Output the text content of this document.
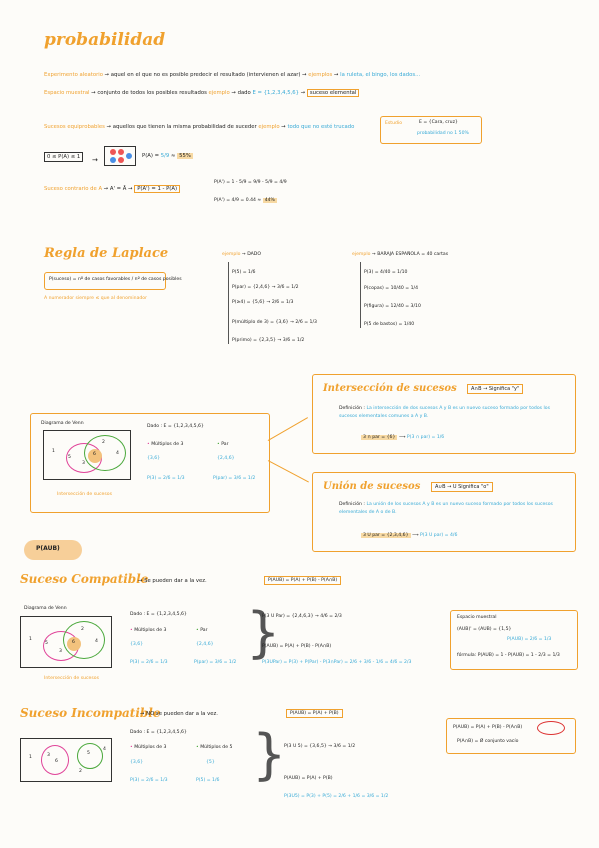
probabilidad
Experimento aleatorio → aquel en el que no es posible predecir el resultado (intervienen el azar) → ejemplos → la ruleta, el bingo, los dados...
Espacio muestral → conjunto de todos los posibles resultados ejemplo → dado E = {1,2,3,4,5,6} → suceso elemental
Sucesos equiprobables → aquellos que tienen la misma probabilidad de suceder ejemplo → todo que no esté trucado
Estudio	E = {Cara, cruz}
probabilidad no 1 50%
0 ≤ P(A) ≤ 1	→	P(A) = 5/9 ≈ 55%
Suceso contrario de A → A' = Ā → P(A') = 1 - P(A)
P(A') = 1 - 5/9 = 9/9 - 5/9 = 4/9
P(A') = 4/9 = 0.44 ≈ 44%
Regla de Laplace
P(suceso) = nº de casos favorables / nº de casos posibles
A numerador siempre ≤ que al denominador
ejemplo → DADO
P(5) = 1/6
P(par) = {2,4,6} → 3/6 = 1/2
P(≥4) = {5,6} → 2/6 = 1/3
P(múltiplo de 3) = {3,6} → 2/6 = 1/3
P(primo) = {2,3,5} → 3/6 = 1/2
ejemplo → BARAJA ESPAÑOLA = 40 cartas
P(3) = 4/40 = 1/10
P(copas) = 10/40 = 1/4
P(figura) = 12/40 = 3/10
P(5 de bastos) = 1/40
Diagrama de Venn
1
5
2
4
3
6
Intersección de sucesos
Dado : E = {1,2,3,4,5,6}
• Múltiplos de 3	• Par
{3,6}	{2,4,6}
P(3) = 2/6 = 1/3	P(par) = 3/6 = 1/2
Intersección de sucesos	A∩B → Significa "y"
Definición : La intersección de dos sucesos A y B es un nuevo suceso formado por todos los sucesos elementales comunes a A y B.
3 ∩ par = {6} ⟶ P(3 ∩ par) = 1/6
Unión de sucesos	A∪B → U Significa "o"
Definición : La unión de los sucesos A y B es un nuevo suceso formado por todos los sucesos elementales de A o de B.
3 U par = {2,3,4,6} ⟶ P(3 U par) = 4/6
P(AUB)
Suceso Compatible
→ Se pueden dar a la vez.	P(AUB) = P(A) + P(B) - P(A∩B)
Diagrama de Venn
1
5
2
4
3
6
Intersección de sucesos
Dado : E = {1,2,3,4,5,6}
• Múltiplos de 3	• Par
{3,6}	{2,4,6}
P(3) = 2/6 = 1/3	P(par) = 3/6 = 1/2 }
P(3 U Par) = {2,4,6,3} → 4/6 = 2/3
P(AUB) = P(A) + P(B) - P(A∩B)
P(3UPar) = P(3) + P(Par) - P(3∩Par) = 2/6 + 3/6 - 1/6 = 4/6 = 2/3
Espacio muestral
(AUB)' = (AUB) = {1,5}
P(AUB) = 2/6 = 1/3
fórmula: P(AUB) = 1 - P(AUB) = 1 - 2/3 = 1/3
Suceso Incompatible
→ NO se pueden dar a la vez.	P(AUB) = P(A) + P(B)
1	3
6
5
2
4
Dado : E = {1,2,3,4,5,6}
• Múltiplos de 3	• Múltiplos de 5
{3,6}	{5}
P(3) = 2/6 = 1/3	P(5) = 1/6 }
P(3 U 5) = {3,6,5} → 3/6 = 1/2
P(AUB) = P(A) + P(B)
P(3U5) = P(3) + P(5) = 2/6 + 1/6 = 3/6 = 1/2
P(AUB) = P(A) + P(B) - P(A∩B)
P(A∩B) = Ø conjunto vacío
